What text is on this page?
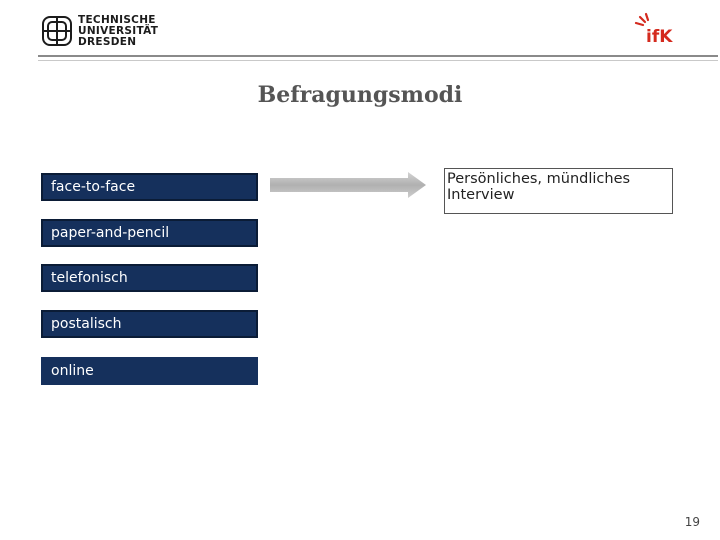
TECHNISCHE
UNIVERSITÄT
DRESDEN	ifK
Befragungsmodi
face-to-face
paper-and-pencil
telefonisch
postalisch
online
Persönliches, mündliches Interview
19
